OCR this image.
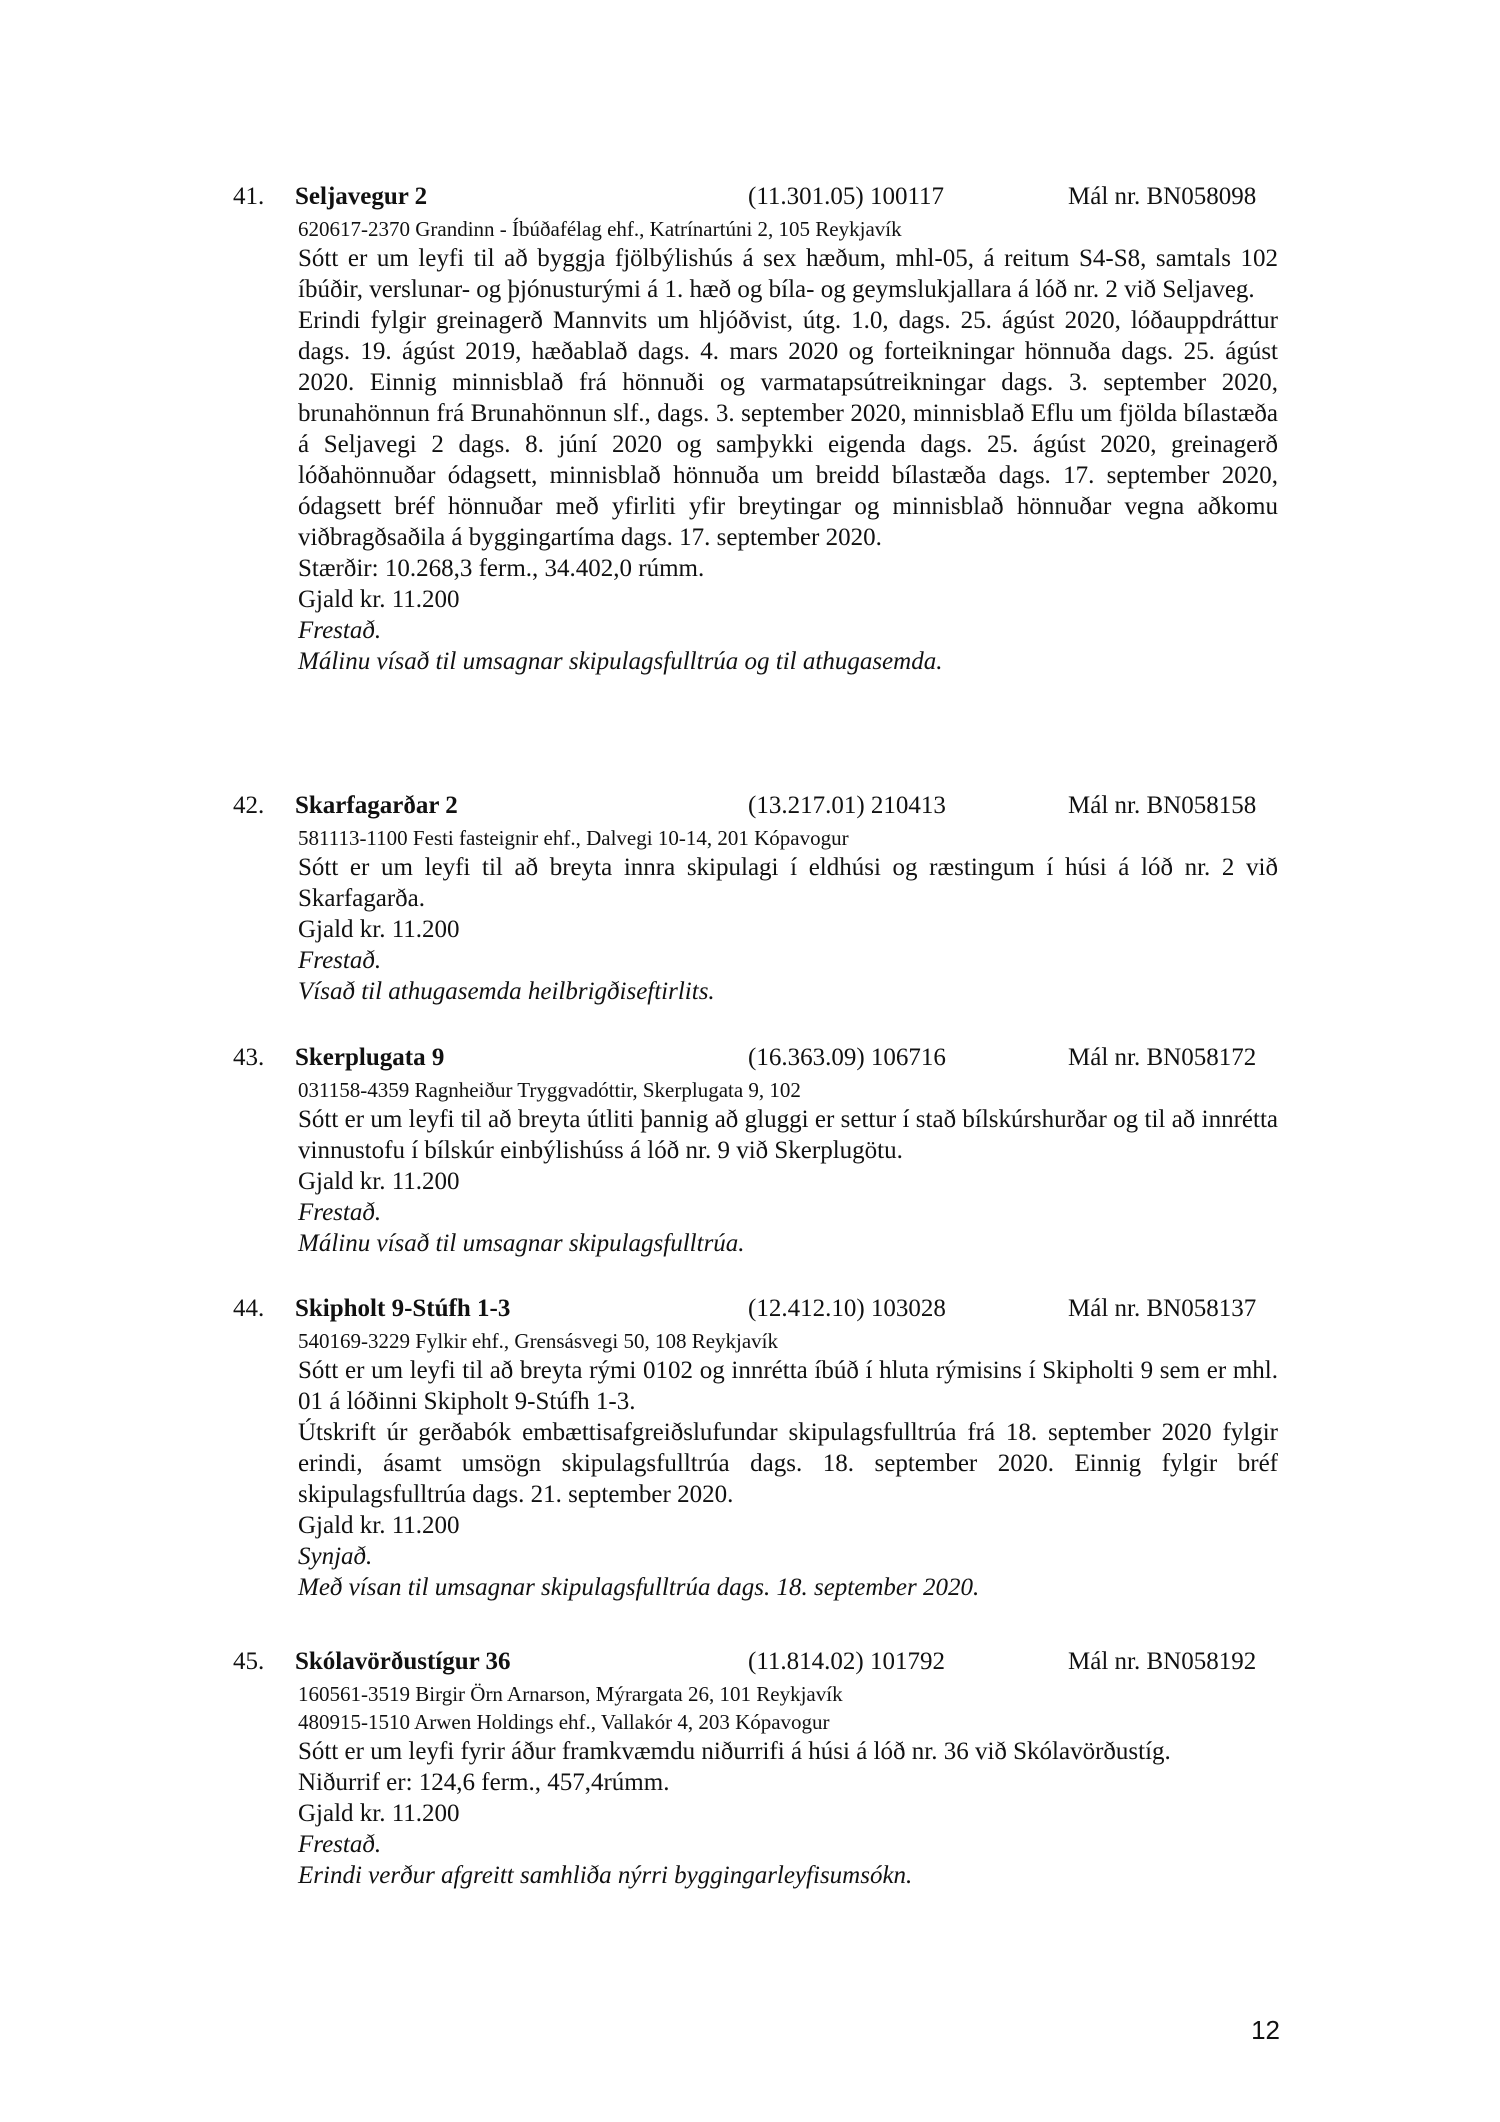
41. Seljavegur 2	(11.301.05) 100117	Mál nr. BN058098
620617-2370 Grandinn - Íbúðafélag ehf., Katrínartúni 2, 105 Reykjavík
Sótt er um leyfi til að byggja fjölbýlishús á sex hæðum, mhl-05, á reitum S4-S8, samtals 102 íbúðir, verslunar- og þjónusturými á 1. hæð og bíla- og geymslukjallara á lóð nr. 2 við Seljaveg.
Erindi fylgir greinagerð Mannvits um hljóðvist, útg. 1.0, dags. 25. ágúst 2020, lóðauppdráttur dags. 19. ágúst 2019, hæðablað dags. 4. mars 2020 og forteikningar hönnuða dags. 25. ágúst 2020. Einnig minnisblað frá hönnuði og varmatapsútreikningar dags. 3. september 2020, brunahönnun frá Brunahönnun slf., dags. 3. september 2020, minnisblað Eflu um fjölda bílastæða á Seljavegi 2 dags. 8. júní 2020 og samþykki eigenda dags. 25. ágúst 2020, greinagerð lóðahönnuðar ódagsett, minnisblað hönnuða um breidd bílastæða dags. 17. september 2020, ódagsett bréf hönnuðar með yfirliti yfir breytingar og minnisblað hönnuðar vegna aðkomu viðbragðsaðila á byggingartíma dags. 17. september 2020.
Stærðir: 10.268,3 ferm., 34.402,0 rúmm.
Gjald kr. 11.200
Frestað.
Málinu vísað til umsagnar skipulagsfulltrúa og til athugasemda.
42. Skarfagarðar 2	(13.217.01) 210413	Mál nr. BN058158
581113-1100 Festi fasteignir ehf., Dalvegi 10-14, 201 Kópavogur
Sótt er um leyfi til að breyta innra skipulagi í eldhúsi og ræstingum í húsi á lóð nr. 2 við Skarfagarða.
Gjald kr. 11.200
Frestað.
Vísað til athugasemda heilbrigðiseftirlits.
43. Skerplugata 9	(16.363.09) 106716	Mál nr. BN058172
031158-4359 Ragnheiður Tryggvadóttir, Skerplugata 9, 102
Sótt er um leyfi til að breyta útliti þannig að gluggi er settur í stað bílskúrshurðar og til að innrétta vinnustofu í bílskúr einbýlishúss á lóð nr. 9 við Skerplugötu.
Gjald kr. 11.200
Frestað.
Málinu vísað til umsagnar skipulagsfulltrúa.
44. Skipholt 9-Stúfh 1-3	(12.412.10) 103028	Mál nr. BN058137
540169-3229 Fylkir ehf., Grensásvegi 50, 108 Reykjavík
Sótt er um leyfi til að breyta rými 0102 og innrétta íbúð í hluta rýmisins í Skipholti 9 sem er mhl. 01 á lóðinni Skipholt 9-Stúfh 1-3.
Útskrift úr gerðabók embættisafgreiðslufundar skipulagsfulltrúa frá 18. september 2020 fylgir erindi, ásamt umsögn skipulagsfulltrúa dags. 18. september 2020. Einnig fylgir bréf skipulagsfulltrúa dags. 21. september 2020.
Gjald kr. 11.200
Synjað.
Með vísan til umsagnar skipulagsfulltrúa dags. 18. september 2020.
45. Skólavörðustígur 36	(11.814.02) 101792	Mál nr. BN058192
160561-3519 Birgir Örn Arnarson, Mýrargata 26, 101 Reykjavík
480915-1510 Arwen Holdings ehf., Vallakór 4, 203 Kópavogur
Sótt er um leyfi fyrir áður framkvæmdu niðurrifi á húsi á lóð nr. 36 við Skólavörðustíg.
Niðurrif er: 124,6 ferm., 457,4rúmm.
Gjald kr. 11.200
Frestað.
Erindi verður afgreitt samhliða nýrri byggingarleyfisumsókn.
12
